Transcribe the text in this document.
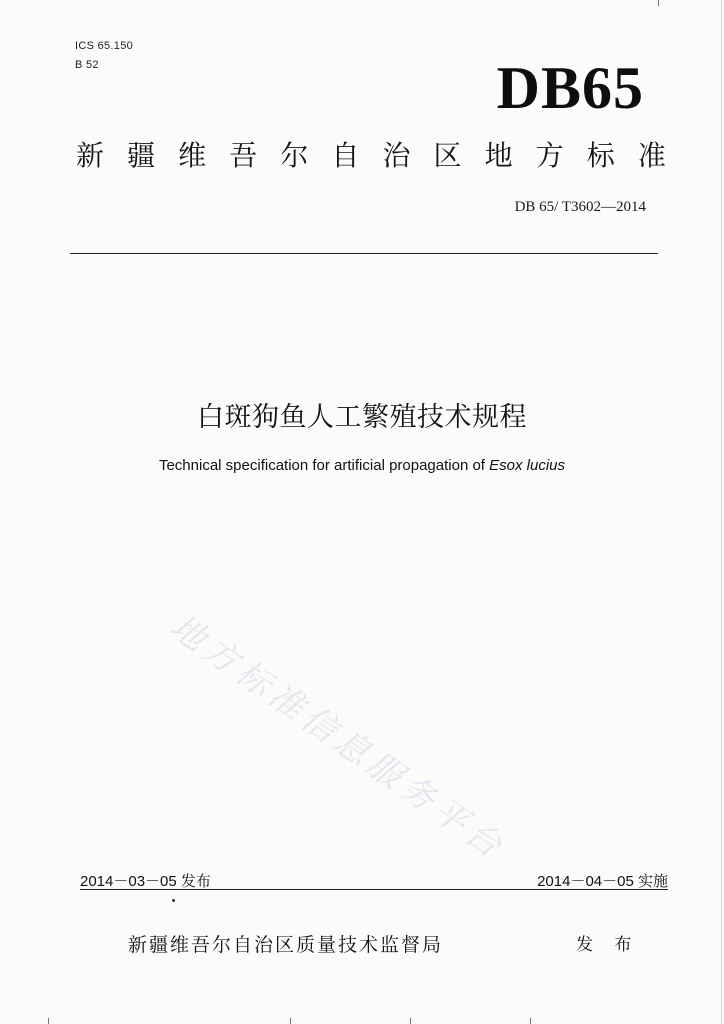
ICS 65.150
B 52	DB65
新 疆 维 吾 尔 自 治 区 地 方 标 准
DB 65/ T3602—2014
白斑狗鱼人工繁殖技术规程
Technical specification for artificial propagation of Esox lucius
地方标准信息服务平台
2014－03－05 发布	2014－04－05 实施
新疆维吾尔自治区质量技术监督局	发 布
